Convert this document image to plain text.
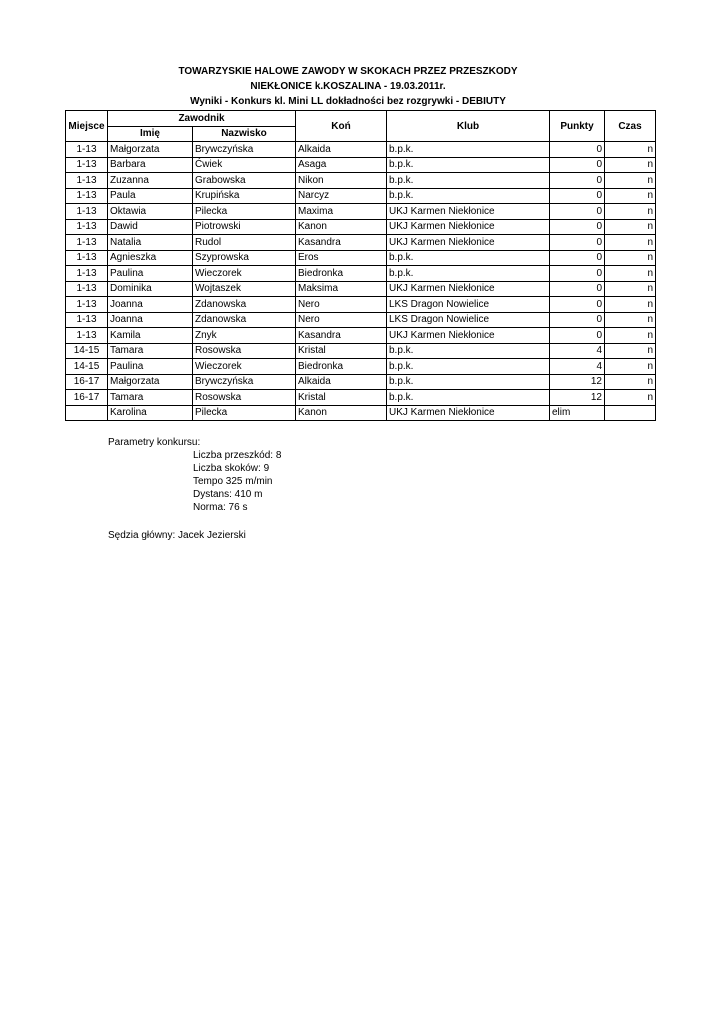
TOWARZYSKIE HALOWE ZAWODY W SKOKACH PRZEZ PRZESZKODY
NIEKŁONICE k.KOSZALINA - 19.03.2011r.
Wyniki - Konkurs kl. Mini LL dokładności bez rozgrywki - DEBIUTY
Miejsce	Zawodnik		Koń	Klub	Punkty	Czas
	Imię	Nazwisko				
1-13	Małgorzata	Brywczyńska	Alkaida	b.p.k.	0	n
1-13	Barbara	Ćwiek	Asaga	b.p.k.	0	n
1-13	Zuzanna	Grabowska	Nikon	b.p.k.	0	n
1-13	Paula	Krupińska	Narcyz	b.p.k.	0	n
1-13	Oktawia	Pilecka	Maxima	UKJ Karmen Niekłonice	0	n
1-13	Dawid	Piotrowski	Kanon	UKJ Karmen Niekłonice	0	n
1-13	Natalia	Rudol	Kasandra	UKJ Karmen Niekłonice	0	n
1-13	Agnieszka	Szyprowska	Eros	b.p.k.	0	n
1-13	Paulina	Wieczorek	Biedronka	b.p.k.	0	n
1-13	Dominika	Wojtaszek	Maksima	UKJ Karmen Niekłonice	0	n
1-13	Joanna	Zdanowska	Nero	LKS Dragon Nowielice	0	n
1-13	Joanna	Zdanowska	Nero	LKS Dragon Nowielice	0	n
1-13	Kamila	Znyk	Kasandra	UKJ Karmen Niekłonice	0	n
14-15	Tamara	Rosowska	Kristal	b.p.k.	4	n
14-15	Paulina	Wieczorek	Biedronka	b.p.k.	4	n
16-17	Małgorzata	Brywczyńska	Alkaida	b.p.k.	12	n
16-17	Tamara	Rosowska	Kristal	b.p.k.	12	n
	Karolina	Pilecka	Kanon	UKJ Karmen Niekłonice	elim	
Parametry konkursu:
Liczba przeszkód: 8
Liczba skoków: 9
Tempo 325 m/min
Dystans: 410 m
Norma: 76 s
Sędzia główny: Jacek Jezierski
